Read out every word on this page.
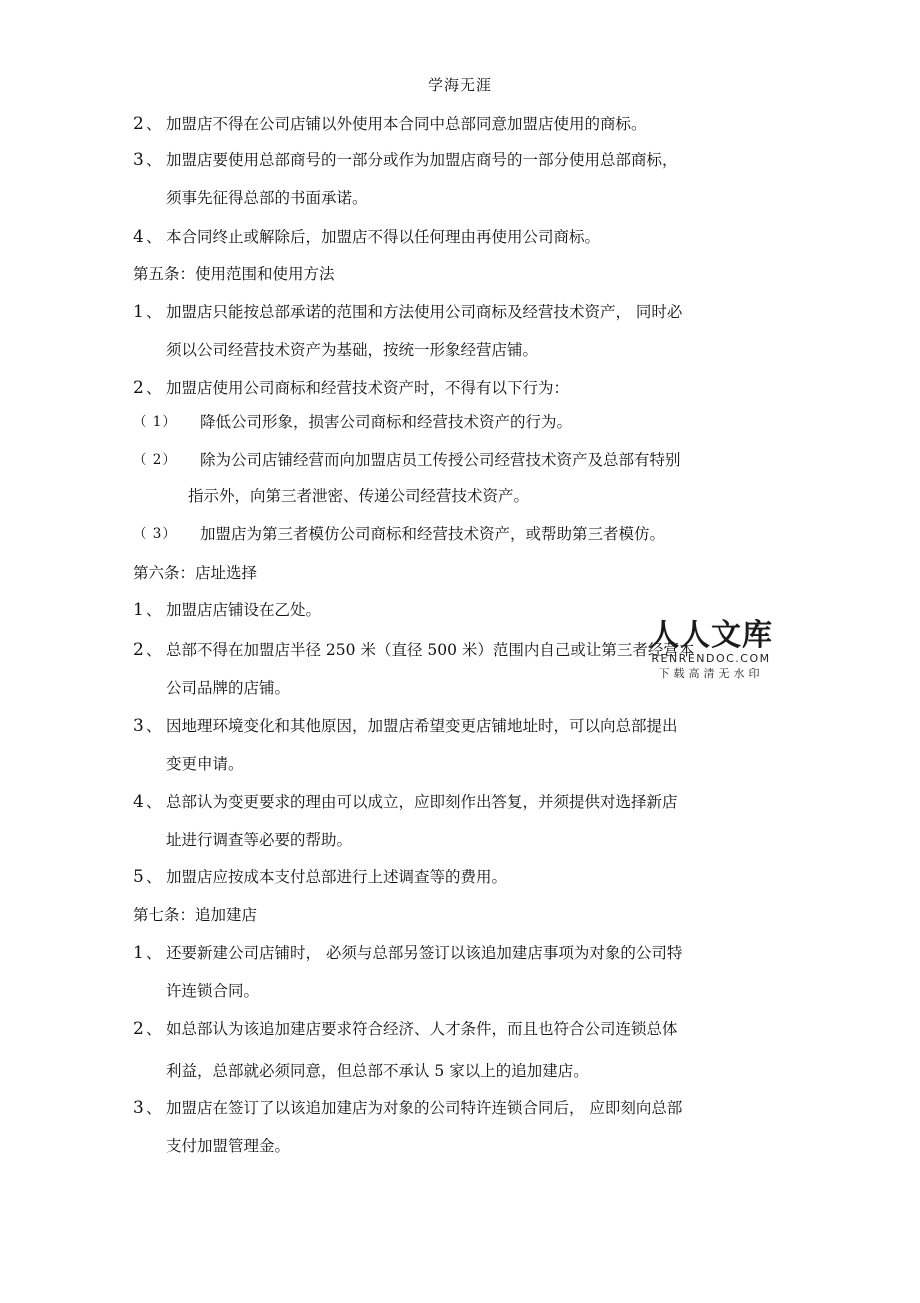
学海无涯
2 、 加盟店不得在公司店铺以外使用本合同中总部同意加盟店使用的商标。
3 、 加盟店要使用总部商号的一部分或作为加盟店商号的一部分使用总部商标，
须事先征得总部的书面承诺。
4 、 本合同终止或解除后，加盟店不得以任何理由再使用公司商标。
第五条：使用范围和使用方法
1 、 加盟店只能按总部承诺的范围和方法使用公司商标及经营技术资产， 同时必
须以公司经营技术资产为基础，按统一形象经营店铺。
2 、 加盟店使用公司商标和经营技术资产时，不得有以下行为：
（ 1） 降低公司形象，损害公司商标和经营技术资产的行为。
（ 2） 除为公司店铺经营而向加盟店员工传授公司经营技术资产及总部有特别
指示外，向第三者泄密、传递公司经营技术资产。
（ 3） 加盟店为第三者模仿公司商标和经营技术资产，或帮助第三者模仿。
第六条：店址选择
1 、 加盟店店铺设在乙处。
2 、 总部不得在加盟店半径 250 米（直径 500 米）范围内自己或让第三者经营本
公司品牌的店铺。
3 、 因地理环境变化和其他原因，加盟店希望变更店铺地址时，可以向总部提出
变更申请。
4 、 总部认为变更要求的理由可以成立，应即刻作出答复，并须提供对选择新店
址进行调查等必要的帮助。
5 、 加盟店应按成本支付总部进行上述调查等的费用。
第七条：追加建店
1 、 还要新建公司店铺时， 必须与总部另签订以该追加建店事项为对象的公司特
许连锁合同。
2 、 如总部认为该追加建店要求符合经济、人才条件，而且也符合公司连锁总体
利益，总部就必须同意，但总部不承认 5 家以上的追加建店。
3 、 加盟店在签订了以该追加建店为对象的公司特许连锁合同后， 应即刻向总部
支付加盟管理金。
人人文库
RENRENDOC.COM
下载高清无水印
